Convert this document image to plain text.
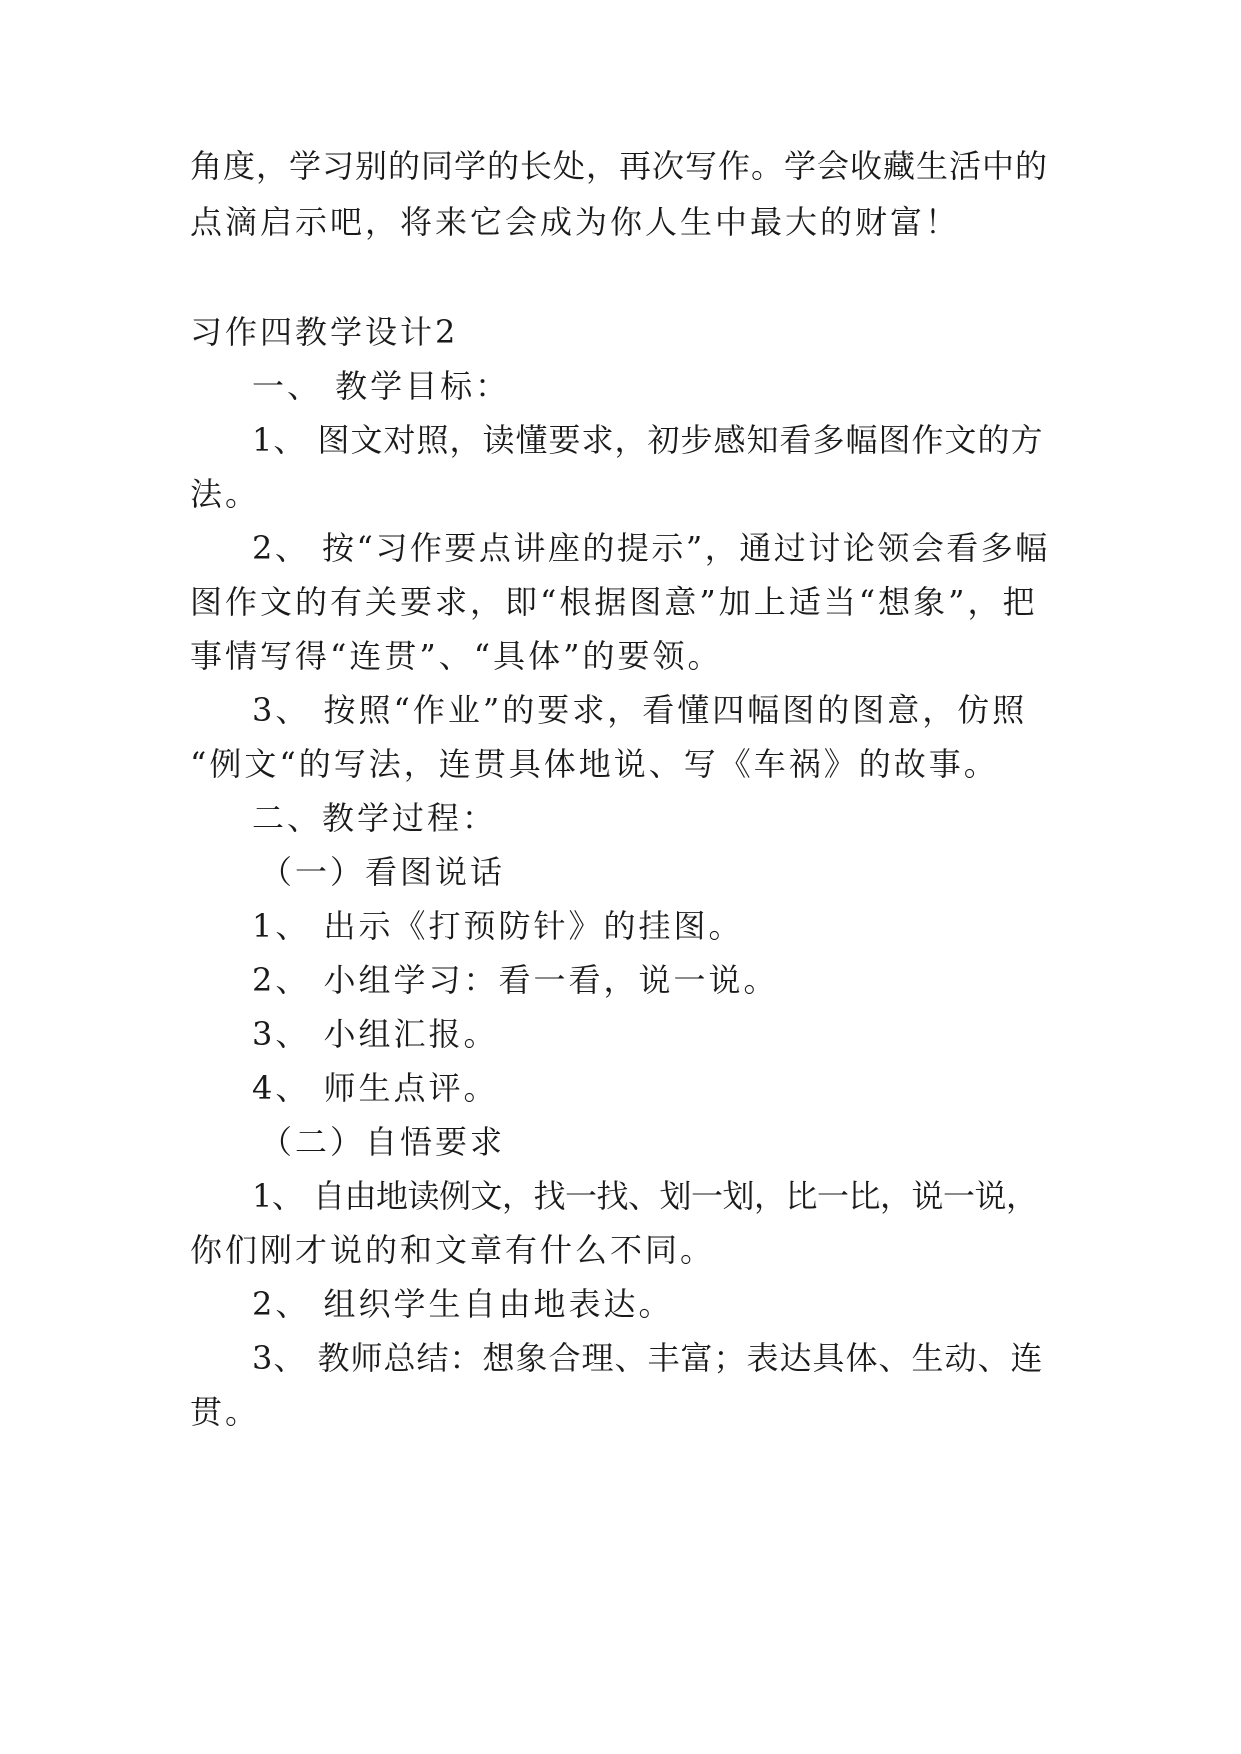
角度，学习别的同学的长处，再次写作。学会收藏生活中的
点滴启示吧，将来它会成为你人生中最大的财富！
习作四教学设计2
一、 教学目标：
1、 图文对照，读懂要求，初步感知看多幅图作文的方
法。
2、 按“习作要点讲座的提示”，通过讨论领会看多幅
图作文的有关要求，即“根据图意”加上适当“想象”，把
事情写得“连贯”、“具体”的要领。
3、 按照“作业”的要求，看懂四幅图的图意，仿照
“例文“的写法，连贯具体地说、写《车祸》的故事。
二、教学过程：
（一）看图说话
1、 出示《打预防针》的挂图。
2、 小组学习：看一看，说一说。
3、 小组汇报。
4、 师生点评。
（二）自悟要求
1、 自由地读例文，找一找、划一划，比一比，说一说，
你们刚才说的和文章有什么不同。
2、 组织学生自由地表达。
3、 教师总结：想象合理、丰富；表达具体、生动、连
贯。
